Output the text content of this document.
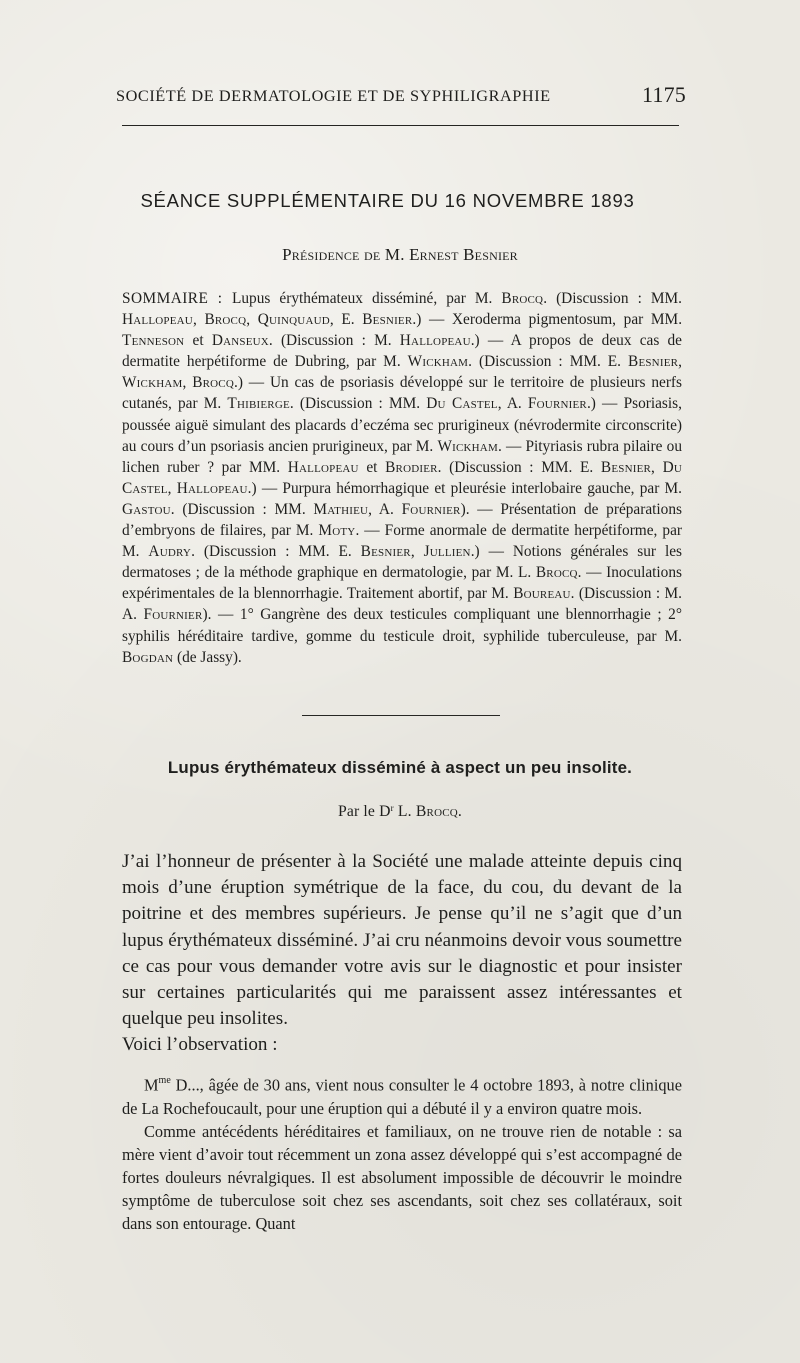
SOCIÉTÉ DE DERMATOLOGIE ET DE SYPHILIGRAPHIE	1175
SÉANCE SUPPLÉMENTAIRE DU 16 NOVEMBRE 1893
Présidence de M. Ernest Besnier
SOMMAIRE : Lupus érythémateux disséminé, par M. Brocq. (Discussion : MM. Hallopeau, Brocq, Quinquaud, E. Besnier.) — Xeroderma pigmentosum, par MM. Tenneson et Danseux. (Discussion : M. Hallopeau.) — A propos de deux cas de dermatite herpétiforme de Dubring, par M. Wickham. (Discussion : MM. E. Besnier, Wickham, Brocq.) — Un cas de psoriasis développé sur le territoire de plusieurs nerfs cutanés, par M. Thibierge. (Discussion : MM. Du Castel, A. Fournier.) — Psoriasis, poussée aiguë simulant des placards d’eczéma sec prurigineux (névrodermite circonscrite) au cours d’un psoriasis ancien prurigineux, par M. Wickham. — Pityriasis rubra pilaire ou lichen ruber ? par MM. Hallopeau et Brodier. (Discussion : MM. E. Besnier, Du Castel, Hallopeau.) — Purpura hémorrhagique et pleurésie interlobaire gauche, par M. Gastou. (Discussion : MM. Mathieu, A. Fournier). — Présentation de préparations d’embryons de filaires, par M. Moty. — Forme anormale de dermatite herpétiforme, par M. Audry. (Discussion : MM. E. Besnier, Jullien.) — Notions générales sur les dermatoses ; de la méthode graphique en dermatologie, par M. L. Brocq. — Inoculations expérimentales de la blennorrhagie. Traitement abortif, par M. Boureau. (Discussion : M. A. Fournier). — 1° Gangrène des deux testicules compliquant une blennorrhagie ; 2° syphilis héréditaire tardive, gomme du testicule droit, syphilide tuberculeuse, par M. Bogdan (de Jassy).
Lupus érythémateux disséminé à aspect un peu insolite.
Par le $D^r$ L. Brocq.

J’ai l’honneur de présenter à la Société une malade atteinte depuis cinq mois d’une éruption symétrique de la face, du cou, du devant de la poitrine et des membres supérieurs. Je pense qu’il ne s’agit que d’un lupus érythémateux disséminé. J’ai cru néanmoins devoir vous soumettre ce cas pour vous demander votre avis sur le diagnostic et pour insister sur certaines particularités qui me paraissent assez intéressantes et quelque peu insolites.

Voici l’observation :

$M^{me}$ D..., âgée de 30 ans, vient nous consulter le 4 octobre 1893, à notre clinique de La Rochefoucault, pour une éruption qui a débuté il y a environ quatre mois.

Comme antécédents héréditaires et familiaux, on ne trouve rien de notable : sa mère vient d’avoir tout récemment un zona assez développé qui s’est accompagné de fortes douleurs névralgiques. Il est absolument impossible de découvrir le moindre symptôme de tuberculose soit chez ses ascendants, soit chez ses collatéraux, soit dans son entourage. Quant
